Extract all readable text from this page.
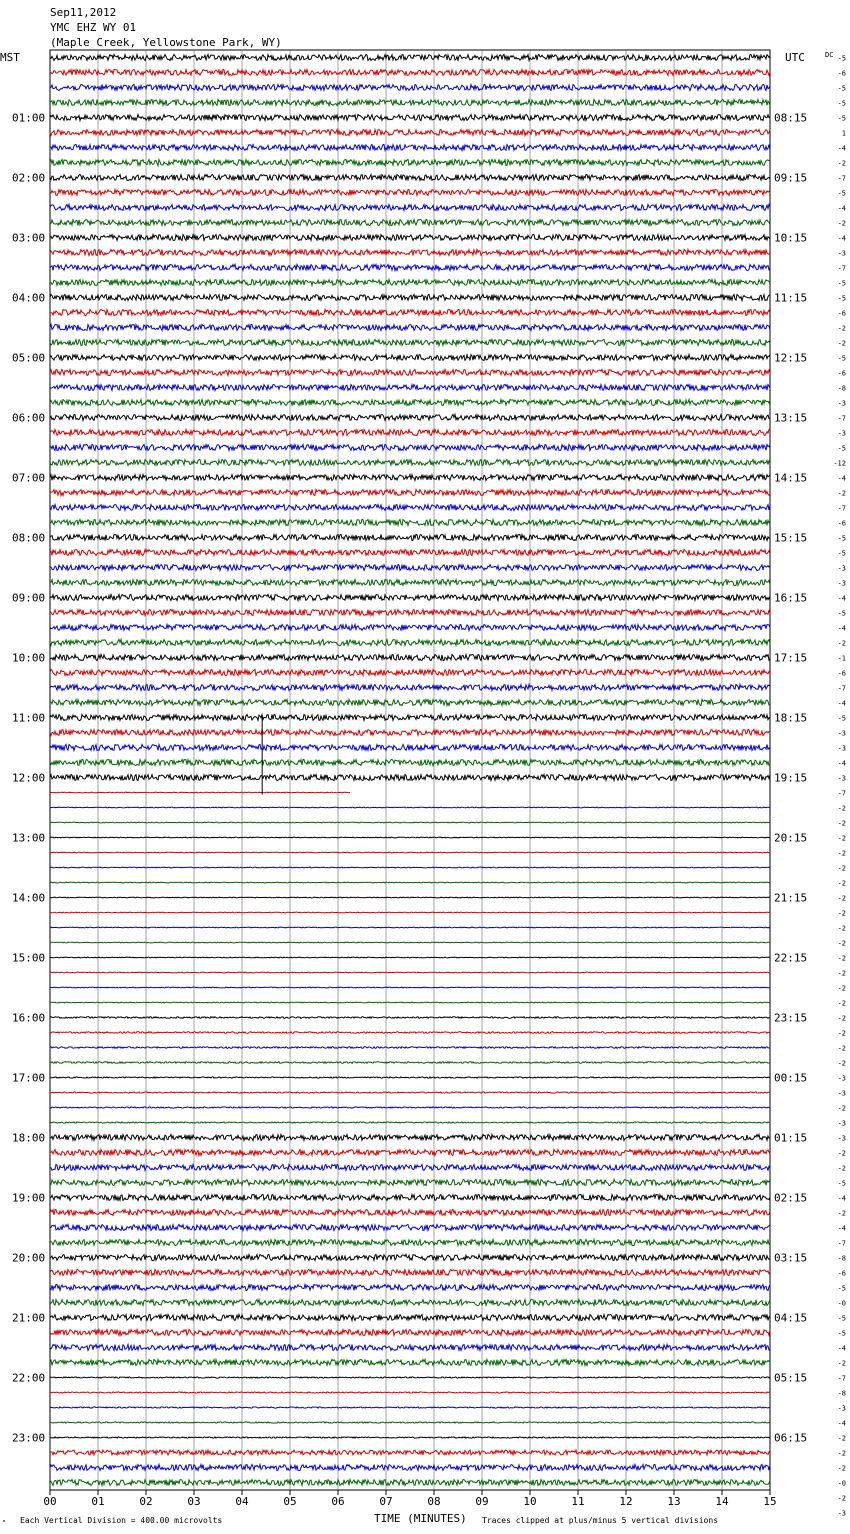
Sep11,2012
YMC EHZ WY 01
(Maple Creek, Yellowstone Park, WY)
MST	UTC	DC
01:00
02:00
03:00
04:00
05:00
06:00
07:00
08:00
09:00
10:00
11:00
12:00
13:00
14:00
15:00
16:00
17:00
18:00
19:00
20:00
21:00
22:00
23:00
08:15
09:15
10:15
11:15
12:15
13:15
14:15
15:15
16:15
17:15
18:15
19:15
20:15
21:15
22:15
23:15
00:15
01:15
02:15
03:15
04:15
05:15
06:15
-5
-6
-5
-5
-5
1
-4
-2
-7
-5
-4
-2
-4
-3
-7
-5
-5
-6
-2
-2
-5
-6
-8
-3
-7
-3
-5
-12
-4
-2
-7
-6
-5
-5
-3
-3
-4
-5
-4
-2
-1
-6
-7
-4
-5
-3
-3
-4
-3
-7
-2
-2
-2
-2
-2
-2
-2
-2
-2
-2
-2
-2
-2
-2
-2
-2
-2
-2
-3
-3
-2
-3
-3
-2
-2
-5
-4
-2
-4
-7
-8
-6
-5
-0
-5
-5
-4
-2
-7
-8
-3
-4
-2
-2
-2
-0
-2
-3
00	01	02	03	04	05	06	07	08	09	10	11	12	13	14	15
" Each Vertical Division = 400.00 microvolts	TIME (MINUTES) Traces clipped at plus/minus 5 vertical divisions
